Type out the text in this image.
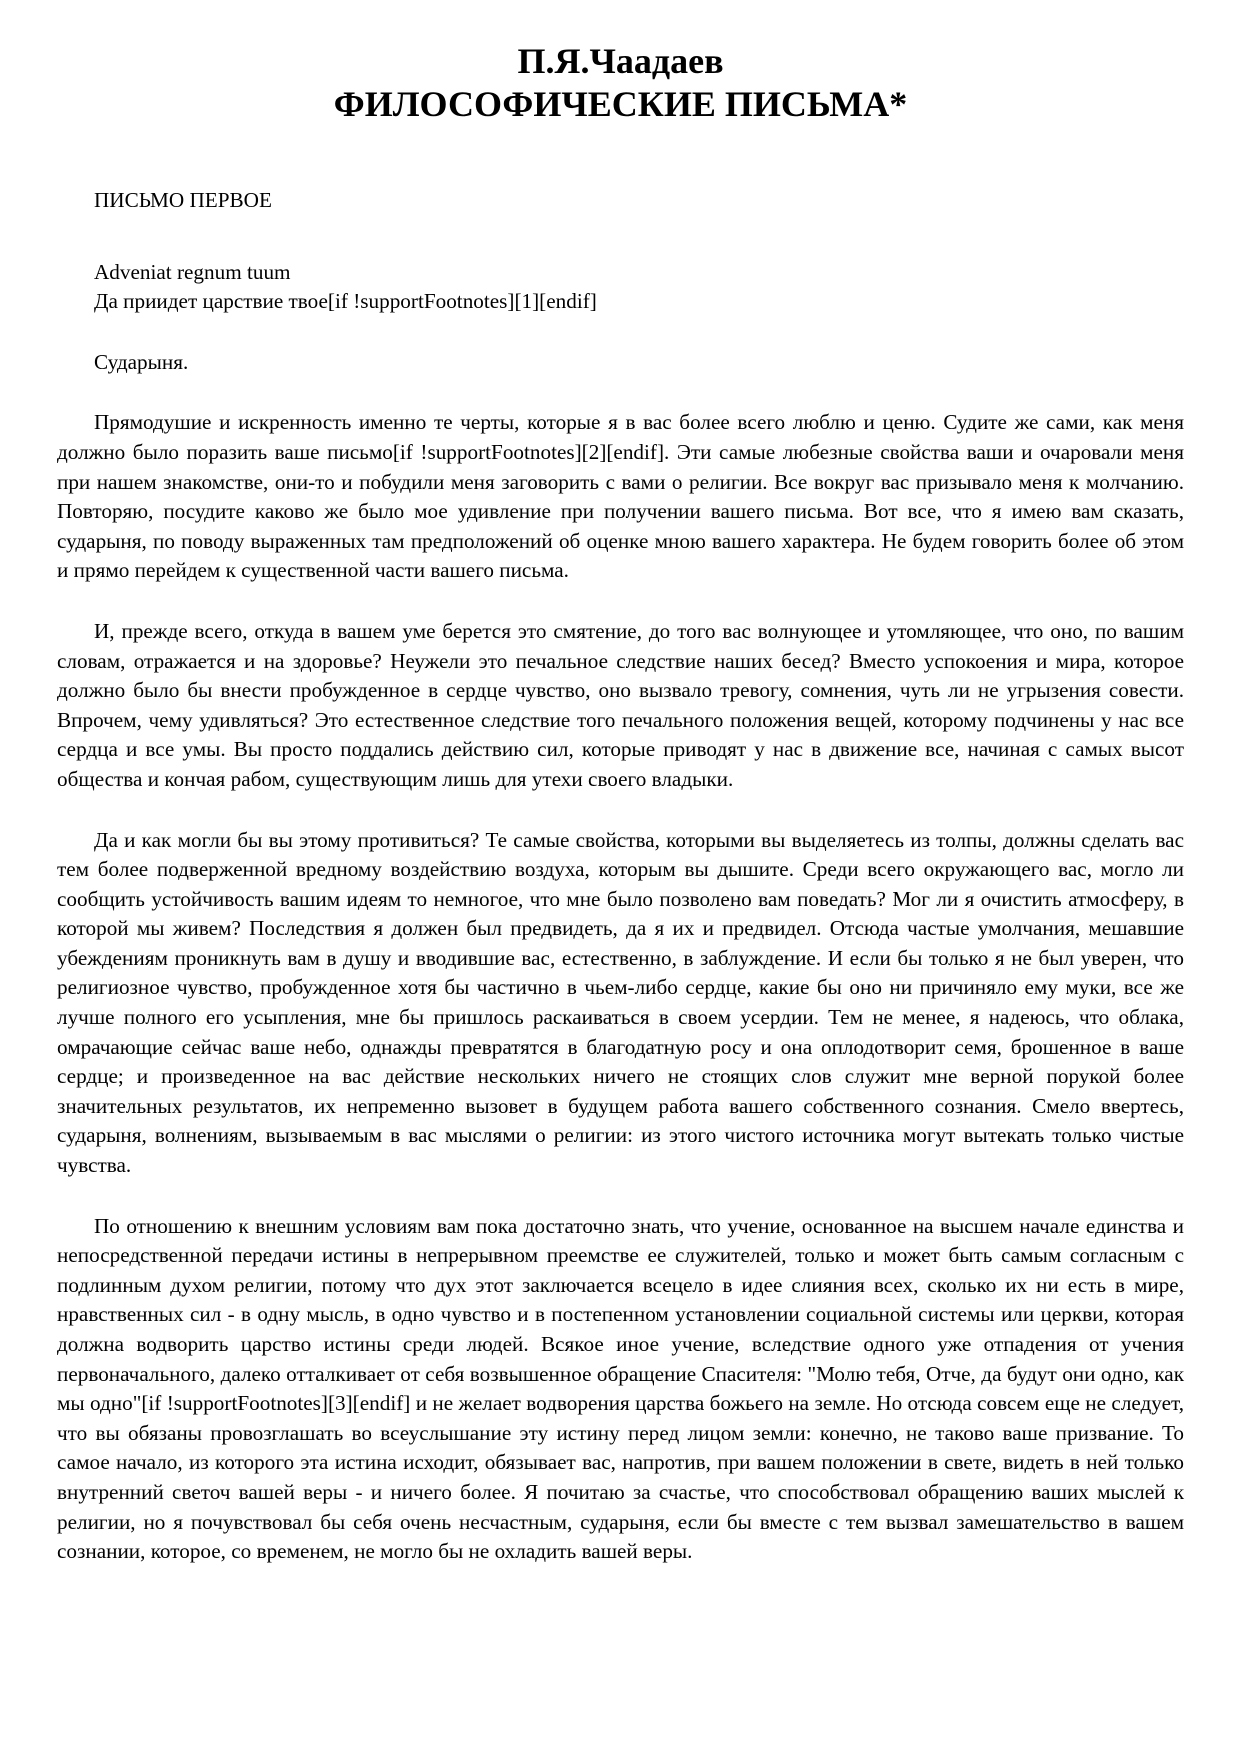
П.Я.Чаадаев
ФИЛОСОФИЧЕСКИЕ ПИСЬМА*
ПИСЬМО ПЕРВОЕ
Adveniat regnum tuum
Да приидет царствие твое[if !supportFootnotes][1][endif]
Сударыня.

Прямодушие и искренность именно те черты, которые я в вас более всего люблю и ценю. Судите же сами, как меня должно было поразить ваше письмо[if !supportFootnotes][2][endif]. Эти самые любезные свойства ваши и очаровали меня при нашем знакомстве, они-то и побудили меня заговорить с вами о религии. Все вокруг вас призывало меня к молчанию. Повторяю, посудите каково же было мое удивление при получении вашего письма. Вот все, что я имею вам сказать, сударыня, по поводу выраженных там предположений об оценке мною вашего характера. Не будем говорить более об этом и прямо перейдем к существенной части вашего письма.

И, прежде всего, откуда в вашем уме берется это смятение, до того вас волнующее и утомляющее, что оно, по вашим словам, отражается и на здоровье? Неужели это печальное следствие наших бесед? Вместо успокоения и мира, которое должно было бы внести пробужденное в сердце чувство, оно вызвало тревогу, сомнения, чуть ли не угрызения совести. Впрочем, чему удивляться? Это естественное следствие того печального положения вещей, которому подчинены у нас все сердца и все умы. Вы просто поддались действию сил, которые приводят у нас в движение все, начиная с самых высот общества и кончая рабом, существующим лишь для утехи своего владыки.

Да и как могли бы вы этому противиться? Те самые свойства, которыми вы выделяетесь из толпы, должны сделать вас тем более подверженной вредному воздействию воздуха, которым вы дышите. Среди всего окружающего вас, могло ли сообщить устойчивость вашим идеям то немногое, что мне было позволено вам поведать? Мог ли я очистить атмосферу, в которой мы живем? Последствия я должен был предвидеть, да я их и предвидел. Отсюда частые умолчания, мешавшие убеждениям проникнуть вам в душу и вводившие вас, естественно, в заблуждение. И если бы только я не был уверен, что религиозное чувство, пробужденное хотя бы частично в чьем-либо сердце, какие бы оно ни причиняло ему муки, все же лучше полного его усыпления, мне бы пришлось раскаиваться в своем усердии. Тем не менее, я надеюсь, что облака, омрачающие сейчас ваше небо, однажды превратятся в благодатную росу и она оплодотворит семя, брошенное в ваше сердце; и произведенное на вас действие нескольких ничего не стоящих слов служит мне верной порукой более значительных результатов, их непременно вызовет в будущем работа вашего собственного сознания. Смело ввертесь, сударыня, волнениям, вызываемым в вас мыслями о религии: из этого чистого источника могут вытекать только чистые чувства.

По отношению к внешним условиям вам пока достаточно знать, что учение, основанное на высшем начале единства и непосредственной передачи истины в непрерывном преемстве ее служителей, только и может быть самым согласным с подлинным духом религии, потому что дух этот заключается всецело в идее слияния всех, сколько их ни есть в мире, нравственных сил - в одну мысль, в одно чувство и в постепенном установлении социальной системы или церкви, которая должна водворить царство истины среди людей. Всякое иное учение, вследствие одного уже отпадения от учения первоначального, далеко отталкивает от себя возвышенное обращение Спасителя: "Молю тебя, Отче, да будут они одно, как мы одно"[if !supportFootnotes][3][endif] и не желает водворения царства божьего на земле. Но отсюда совсем еще не следует, что вы обязаны провозглашать во всеуслышание эту истину перед лицом земли: конечно, не таково ваше призвание. То самое начало, из которого эта истина исходит, обязывает вас, напротив, при вашем положении в свете, видеть в ней только внутренний светоч вашей веры - и ничего более. Я почитаю за счастье, что способствовал обращению ваших мыслей к религии, но я почувствовал бы себя очень несчастным, сударыня, если бы вместе с тем вызвал замешательство в вашем сознании, которое, со временем, не могло бы не охладить вашей веры.
